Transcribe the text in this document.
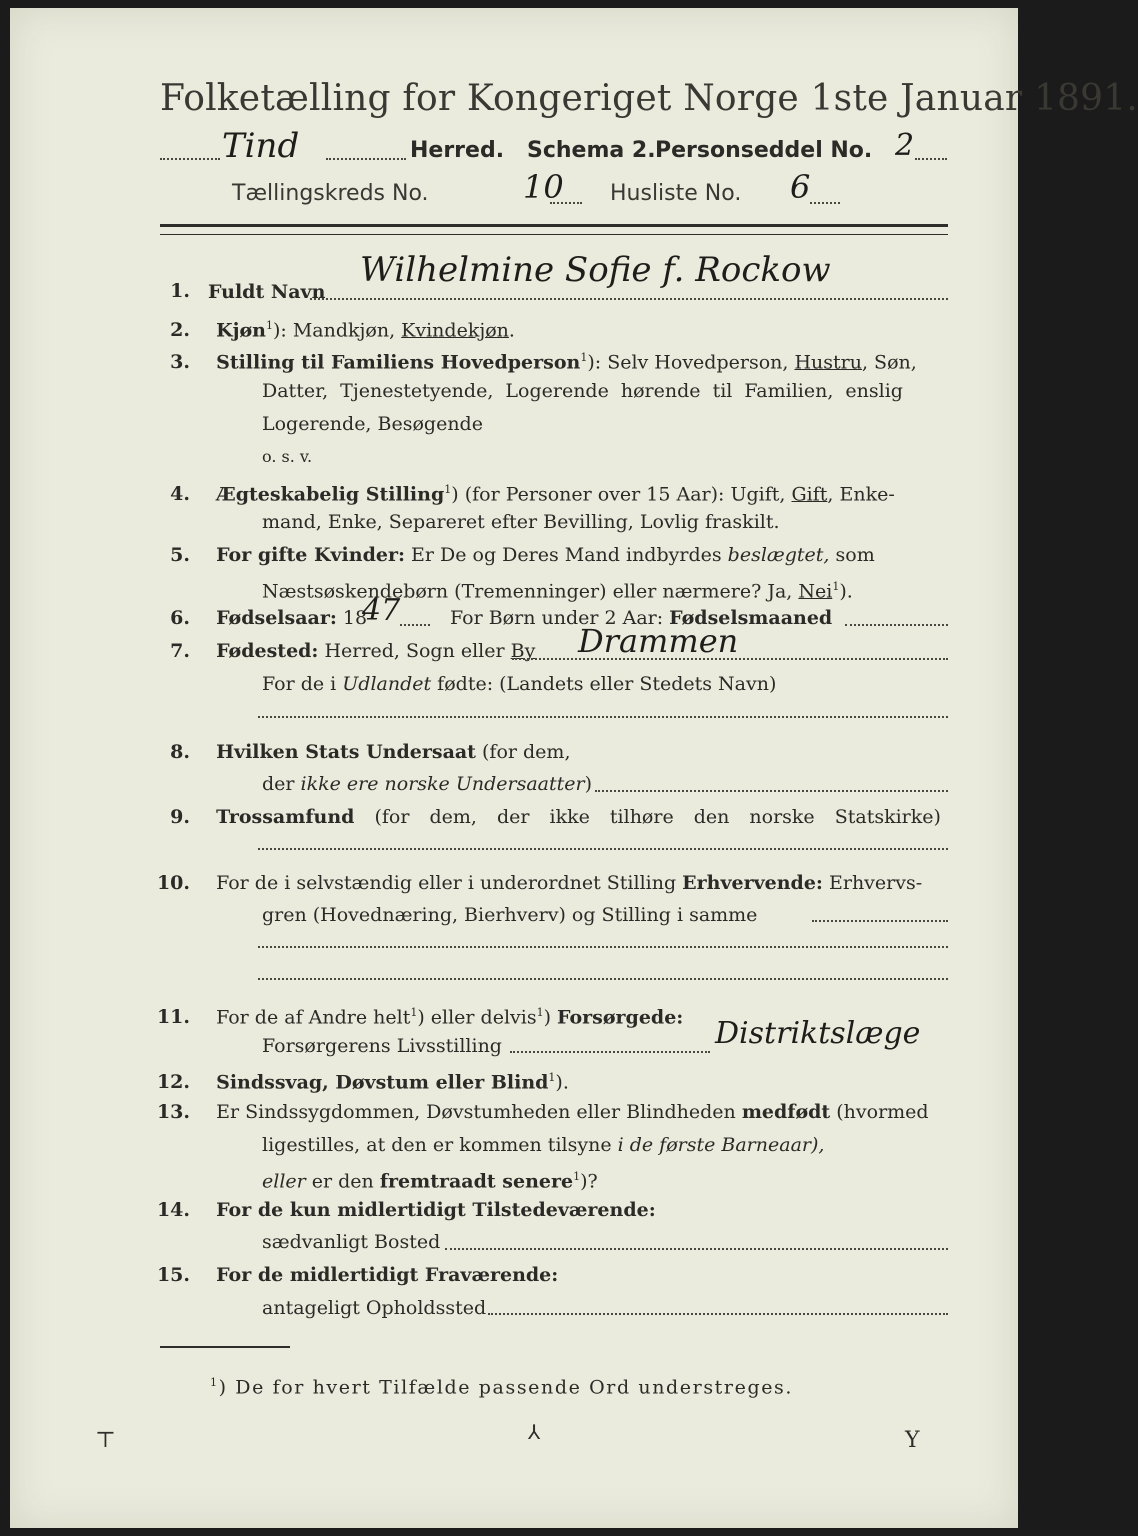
Folketælling for Kongeriget Norge 1ste Januar 1891.
Tind	Herred. Schema 2. Personseddel No. 2
Tællingskreds No.	10 Husliste No. 6
1. Fuldt Navn
Wilhelmine Sofie f. Rockow
2. Kjøn$^1$): Mandkjøn, Kvindekjøn.
3. Stilling til Familiens Hovedperson$^1$): Selv Hovedperson, Hustru, Søn,
Datter, Tjenestetyende, Logerende hørende til Familien, enslig
Logerende, Besøgende
o. s. v.
4. Ægteskabelig Stilling$^1$) (for Personer over 15 Aar): Ugift, Gift, Enke-
mand, Enke, Separeret efter Bevilling, Lovlig fraskilt.
5. For gifte Kvinder: Er De og Deres Mand indbyrdes beslægtet, som
Næstsøskendebørn (Tremenninger) eller nærmere? Ja, Nei$^1$).
6. Fødselsaar: 18
47	For Børn under 2 Aar: Fødselsmaaned
7. Fødested: Herred, Sogn eller By Drammen
For de i Udlandet fødte: (Landets eller Stedets Navn)
8. Hvilken Stats Undersaat (for dem,
der ikke ere norske Undersaatter)
9. Trossamfund (for dem, der ikke tilhøre den norske Statskirke)
10. For de i selvstændig eller i underordnet Stilling Erhvervende: Erhvervs-
gren (Hovednæring, Bierhverv) og Stilling i samme
11. For de af Andre helt$^1$) eller delvis$^1$) Forsørgede:
Forsørgerens Livsstilling	Distriktslæge
12. Sindssvag, Døvstum eller Blind$^1$).
13. Er Sindssygdommen, Døvstumheden eller Blindheden medfødt (hvormed
ligestilles, at den er kommen tilsyne i de første Barneaar),
eller er den fremtraadt senere$^1$)?
14. For de kun midlertidigt Tilstedeværende:
sædvanligt Bosted
15. For de midlertidigt Fraværende:
antageligt Opholdssted
$^1$) De for hvert Tilfælde passende Ord understreges.
⊤	⅄	Y
